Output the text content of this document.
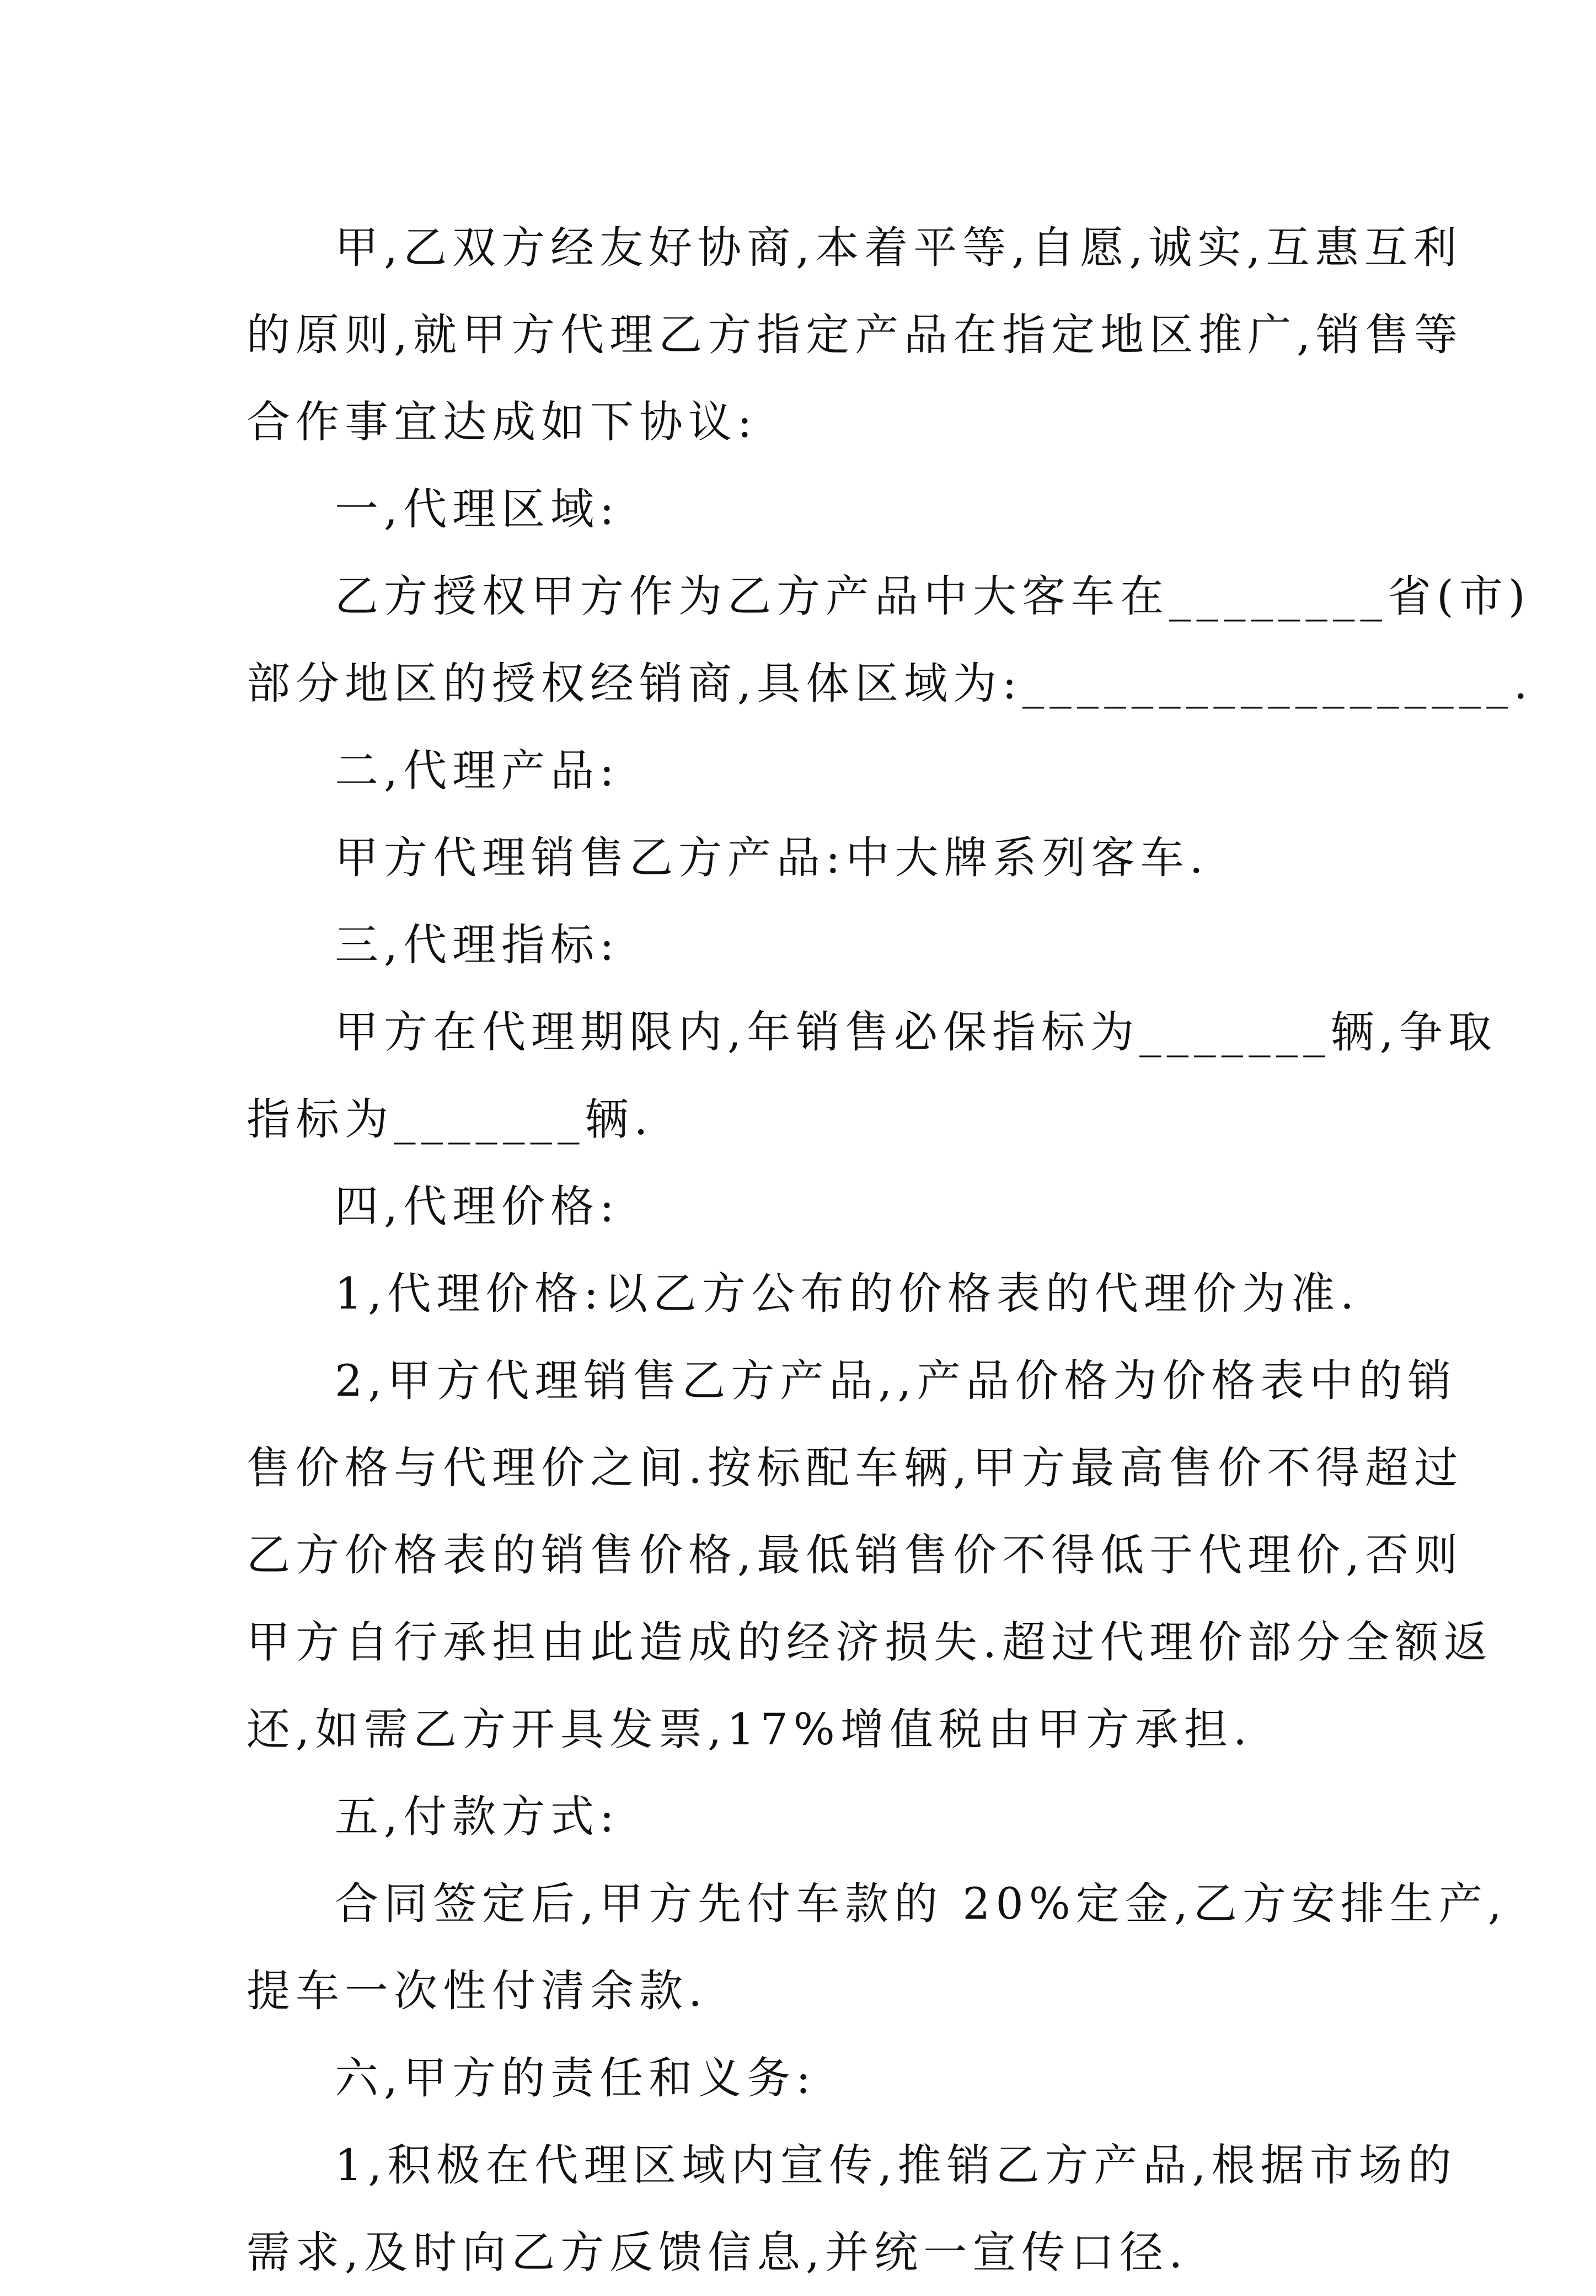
甲,乙双方经友好协商,本着平等,自愿,诚实,互惠互利
的原则,就甲方代理乙方指定产品在指定地区推广,销售等
合作事宜达成如下协议:
一,代理区域:
乙方授权甲方作为乙方产品中大客车在________省(市)
部分地区的授权经销商,具体区域为:__________________.
二,代理产品:
甲方代理销售乙方产品:中大牌系列客车.
三,代理指标:
甲方在代理期限内,年销售必保指标为_______辆,争取
指标为_______辆.
四,代理价格:
1,代理价格:以乙方公布的价格表的代理价为准.
2,甲方代理销售乙方产品,,产品价格为价格表中的销
售价格与代理价之间.按标配车辆,甲方最高售价不得超过
乙方价格表的销售价格,最低销售价不得低于代理价,否则
甲方自行承担由此造成的经济损失.超过代理价部分全额返
还,如需乙方开具发票,17%增值税由甲方承担.
五,付款方式:
合同签定后,甲方先付车款的 20%定金,乙方安排生产,
提车一次性付清余款.
六,甲方的责任和义务:
1,积极在代理区域内宣传,推销乙方产品,根据市场的
需求,及时向乙方反馈信息,并统一宣传口径.
